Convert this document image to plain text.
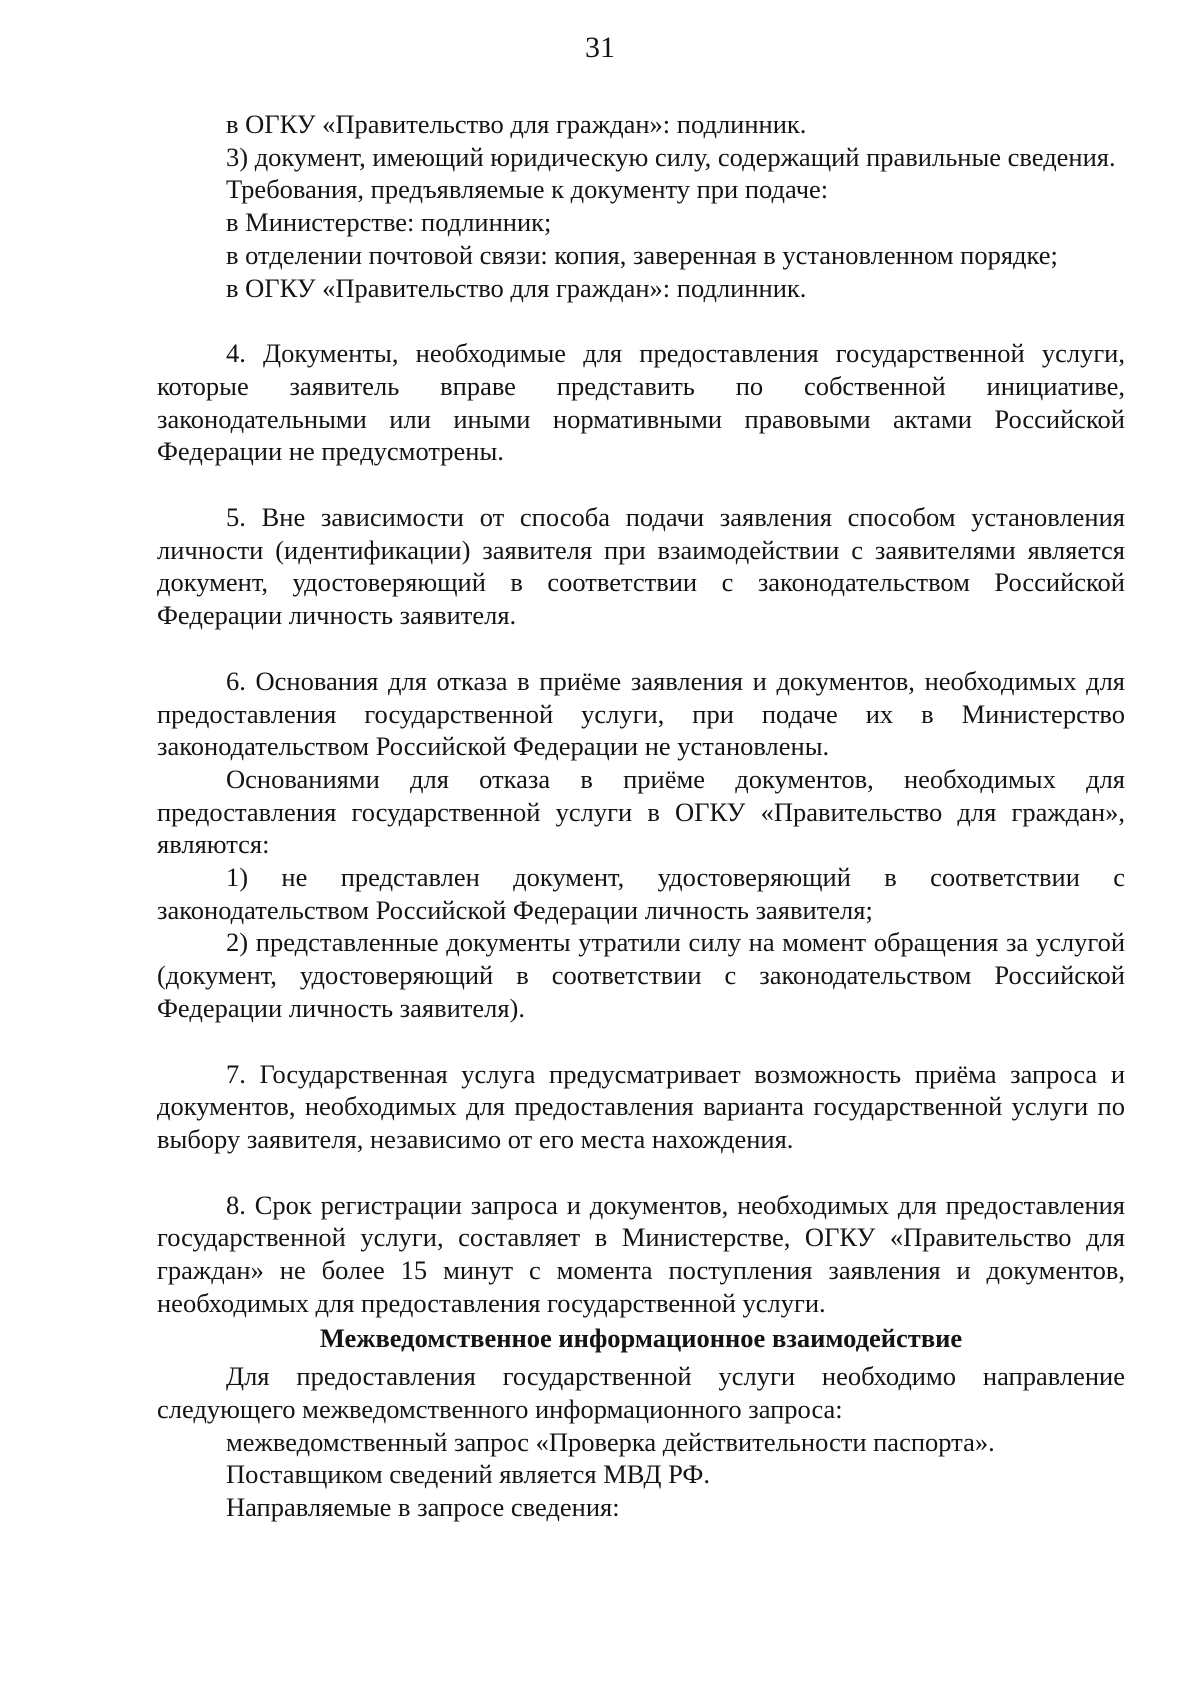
31
в ОГКУ «Правительство для граждан»: подлинник.
3) документ, имеющий юридическую силу, содержащий правильные сведения.
Требования, предъявляемые к документу при подаче:
в Министерстве: подлинник;
в отделении почтовой связи: копия, заверенная в установленном порядке;
в ОГКУ «Правительство для граждан»: подлинник.
4. Документы, необходимые для предоставления государственной услуги, которые заявитель вправе представить по собственной инициативе, законодательными или иными нормативными правовыми актами Российской Федерации не предусмотрены.
5. Вне зависимости от способа подачи заявления способом установления личности (идентификации) заявителя при взаимодействии с заявителями является документ, удостоверяющий в соответствии с законодательством Российской Федерации личность заявителя.
6. Основания для отказа в приёме заявления и документов, необходимых для предоставления государственной услуги, при подаче их в Министерство законодательством Российской Федерации не установлены.
Основаниями для отказа в приёме документов, необходимых для предоставления государственной услуги в ОГКУ «Правительство для граждан», являются:
1) не представлен документ, удостоверяющий в соответствии с законодательством Российской Федерации личность заявителя;
2) представленные документы утратили силу на момент обращения за услугой (документ, удостоверяющий в соответствии с законодательством Российской Федерации личность заявителя).
7. Государственная услуга предусматривает возможность приёма запроса и документов, необходимых для предоставления варианта государственной услуги по выбору заявителя, независимо от его места нахождения.
8. Срок регистрации запроса и документов, необходимых для предоставления государственной услуги, составляет в Министерстве, ОГКУ «Правительство для граждан» не более 15 минут с момента поступления заявления и документов, необходимых для предоставления государственной услуги.
Межведомственное информационное взаимодействие
Для предоставления государственной услуги необходимо направление следующего межведомственного информационного запроса:
межведомственный запрос «Проверка действительности паспорта».
Поставщиком сведений является МВД РФ.
Направляемые в запросе сведения:
